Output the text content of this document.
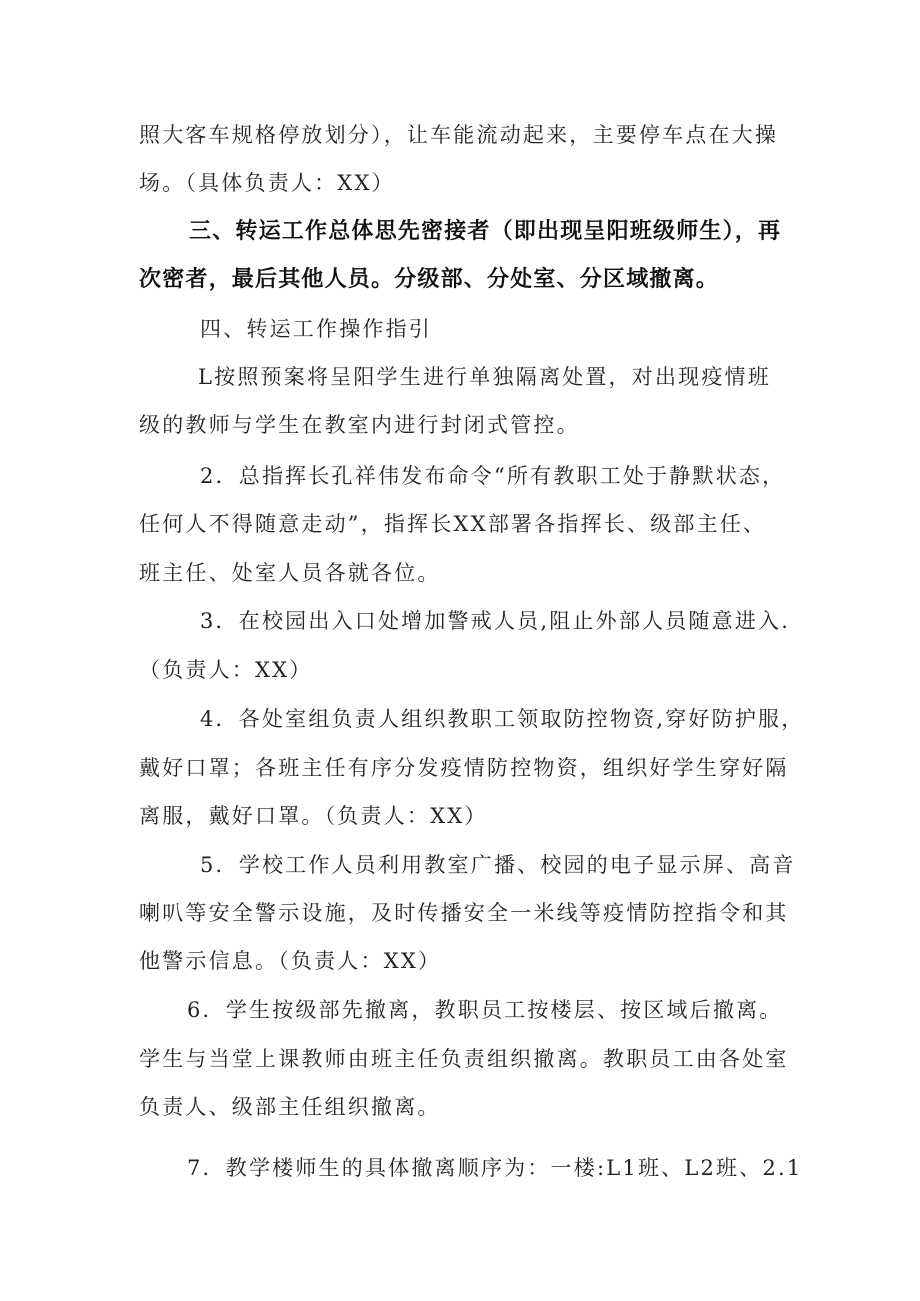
照大客车规格停放划分），让车能流动起来，主要停车点在大操
场。（具体负责人：XX）
三、转运工作总体思先密接者（即出现呈阳班级师生），再
次密者，最后其他人员。分级部、分处室、分区域撤离。
四、转运工作操作指引
L按照预案将呈阳学生进行单独隔离处置，对出现疫情班
级的教师与学生在教室内进行封闭式管控。
2．总指挥长孔祥伟发布命令“所有教职工处于静默状态，
任何人不得随意走动”，指挥长XX部署各指挥长、级部主任、
班主任、处室人员各就各位。
3．在校园出入口处增加警戒人员,阻止外部人员随意进入.
（负责人：XX）
4．各处室组负责人组织教职工领取防控物资,穿好防护服，
戴好口罩；各班主任有序分发疫情防控物资，组织好学生穿好隔
离服，戴好口罩。（负责人：XX）
5．学校工作人员利用教室广播、校园的电子显示屏、高音
喇叭等安全警示设施，及时传播安全一米线等疫情防控指令和其
他警示信息。（负责人：XX）
6．学生按级部先撤离，教职员工按楼层、按区域后撤离。
学生与当堂上课教师由班主任负责组织撤离。教职员工由各处室
负责人、级部主任组织撤离。
7．教学楼师生的具体撤离顺序为：一楼:L1班、L2班、2.1
